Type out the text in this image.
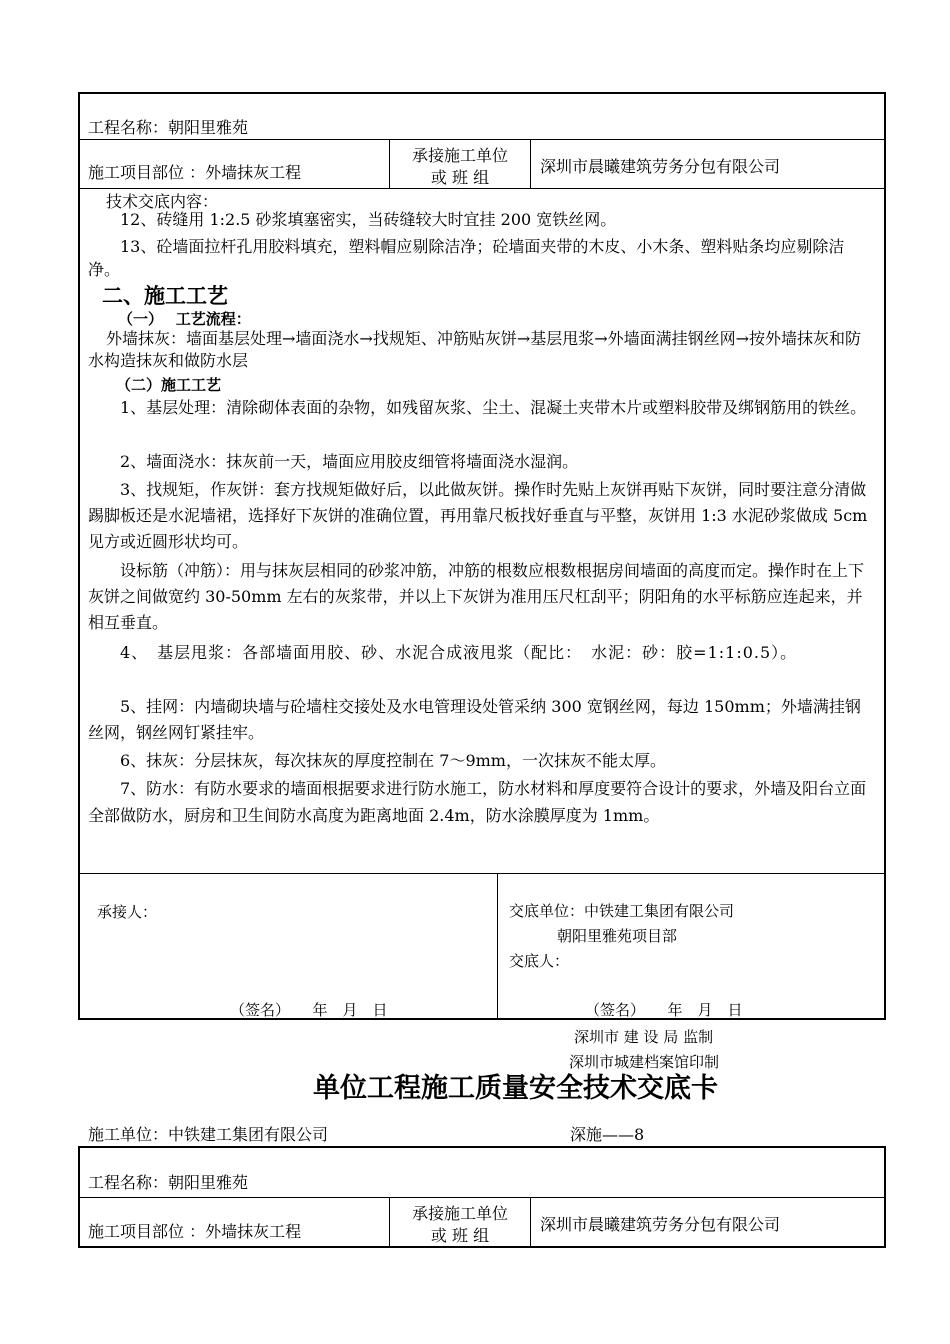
工程名称：朝阳里雅苑
施工项目部位 ：外墙抹灰工程
承接施工单位
或 班 组
深圳市晨曦建筑劳务分包有限公司
技术交底内容：
12、砖缝用 1:2.5 砂浆填塞密实，当砖缝较大时宜挂 200 宽铁丝网。
13、砼墙面拉杆孔用胶料填充，塑料帽应剔除洁净；砼墙面夹带的木皮、小木条、塑料贴条均应剔除洁净。
二、施工工艺
（一）　 工艺流程：
外墙抹灰：墙面基层处理→墙面浇水→找规矩、冲筋贴灰饼→基层甩浆→外墙面满挂钢丝网→按外墙抹灰和防水构造抹灰和做防水层
（二）施工工艺
1、基层处理：清除砌体表面的杂物，如残留灰浆、尘土、混凝土夹带木片或塑料胶带及绑钢筋用的铁丝。
2、墙面浇水：抹灰前一天，墙面应用胶皮细管将墙面浇水湿润。
3、找规矩，作灰饼：套方找规矩做好后，以此做灰饼。操作时先贴上灰饼再贴下灰饼，同时要注意分清做踢脚板还是水泥墙裙，选择好下灰饼的准确位置，再用靠尺板找好垂直与平整，灰饼用 1:3 水泥砂浆做成 5cm 见方或近圆形状均可。
设标筋（冲筋）：用与抹灰层相同的砂浆冲筋，冲筋的根数应根数根据房间墙面的高度而定。操作时在上下灰饼之间做宽约 30-50mm 左右的灰浆带，并以上下灰饼为准用压尺杠刮平；阴阳角的水平标筋应连起来，并相互垂直。
4、　基层甩浆：各部墙面用胶、砂、水泥合成液甩浆（配比：　水泥：砂：胶=1:1:0.5）。
5、挂网：内墙砌块墙与砼墙柱交接处及水电管理设处管采纳 300 宽钢丝网，每边 150mm；外墙满挂钢丝网，钢丝网钉紧挂牢。
6、抹灰：分层抹灰，每次抹灰的厚度控制在 7～9mm，一次抹灰不能太厚。
7、防水：有防水要求的墙面根据要求进行防水施工，防水材料和厚度要符合设计的要求，外墙及阳台立面全部做防水，厨房和卫生间防水高度为距离地面 2.4m，防水涂膜厚度为 1mm。
承接人：
（签名）　　年　月　日
交底单位：中铁建工集团有限公司
朝阳里雅苑项目部
交底人：
（签名）　　年　月　日
深圳市 建 设 局 监制
深圳市城建档案馆印制
单位工程施工质量安全技术交底卡
施工单位：中铁建工集团有限公司	深施——8
工程名称：朝阳里雅苑
施工项目部位 ：外墙抹灰工程
承接施工单位
或 班 组
深圳市晨曦建筑劳务分包有限公司
